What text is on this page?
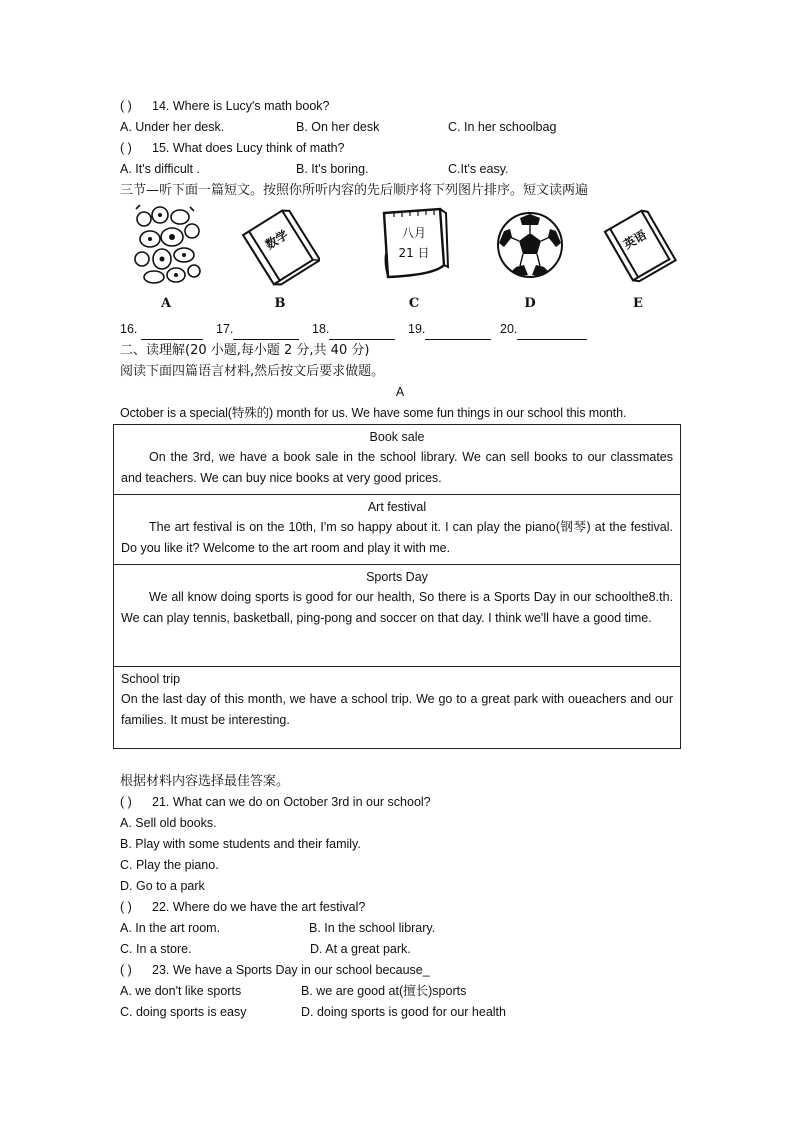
( ) 14. Where is Lucy's math book?
A. Under her desk.	B. On her desk	C. In her schoolbag
( ) 15. What does Lucy think of math?
A. It's difficult .	B. It's boring.	C.It's easy.
三节—听下面一篇短文。按照你所听内容的先后顺序将下列图片排序。短文读两遍
A
数学
B
八月
21 日
C	D
英语
E
16.	17.	18.	19.	20.
二、读理解(20 小题,每小题 2 分,共 40 分)
阅读下面四篇语言材料,然后按文后要求做题。
A
October is a special(特殊的) month for us. We have some fun things in our school this month.
Book sale
On the 3rd, we have a book sale in the school library. We can sell books to our classmates and teachers. We can buy nice books at very good prices.

Art festival
The art festival is on the 10th, I'm so happy about it. I can play the piano(钢琴) at the festival. Do you like it? Welcome to the art room and play it with me.

Sports Day
We all know doing sports is good for our health, So there is a Sports Day in our schoolthe8.th. We can play tennis, basketball, ping-pong and soccer on that day. I think we'll have a good time.

School trip
On the last day of this month, we have a school trip. We go to a great park with oueachers and our families. It must be interesting.
根据材料内容选择最佳答案。
( ) 21. What can we do on October 3rd in our school?
A. Sell old books.
B. Play with some students and their family.
C. Play the piano.
D. Go to a park
( ) 22. Where do we have the art festival?
A. In the art room.	B. In the school library.
C. In a store.	D. At a great park.
( ) 23. We have a Sports Day in our school because_
A. we don't like sports	B. we are good at(擅长)sports
C. doing sports is easy	D. doing sports is good for our health
